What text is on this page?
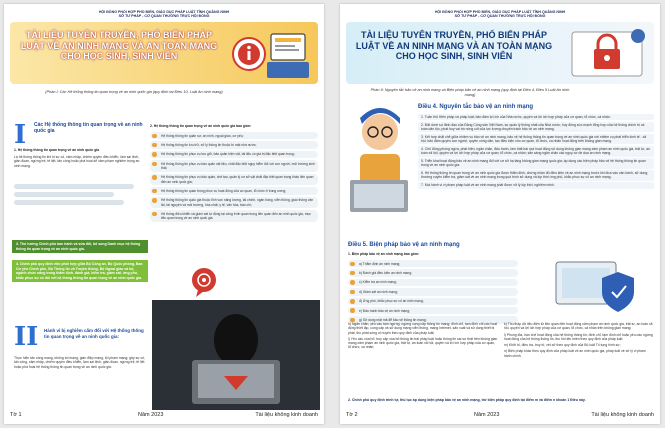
HỘI ĐỒNG PHỐI HỢP PHỔ BIẾN, GIÁO DỤC PHÁP LUẬT TỈNH QUẢNG NINH
SỞ TƯ PHÁP - CƠ QUAN THƯỜNG TRỰC HỘI ĐỒNG
TÀI LIỆU TUYÊN TRUYỀN, PHỔ BIẾN PHÁP LUẬT VỀ AN NINH MẠNG VÀ AN TOÀN MẠNG CHO HỌC SINH, SINH VIÊN
(Phần I: Các Hệ thống thông tin quan trọng về an ninh quốc gia (quy định tại Điều 10, Luật An ninh mạng)
I Các Hệ thống thông tin quan trọng về an ninh quốc gia
1. Hệ thống thông tin quan trọng về an ninh quốc gia
Là hệ thống thông tin khi bị sự cố, xâm nhập, chiếm quyền điều khiển, làm sai lệch, gián đoạn, ngừng trệ, tê liệt, tấn công hoặc phá hoại sẽ xâm phạm nghiêm trọng an ninh mạng.
2. Hệ thống thông tin quan trọng về an ninh quốc gia bao gồm:
Hệ thống thông tin quân sự, an ninh, ngoại giao, cơ yếu;
Hệ thống thông tin lưu trữ, xử lý thông tin thuộc bí mật nhà nước;
Hệ thống thông tin phục vụ lưu giữ, bảo quản hiện vật, tài liệu có giá trị đặc biệt quan trọng;
Hệ thống thông tin phục vụ bảo quản vật liệu, chất đặc biệt nguy hiểm đối với con người, môi trường sinh thái;
Hệ thống thông tin phục vụ bảo quản, chế tạo, quản lý cơ sở vật chất đặc biệt quan trọng khác liên quan đến an ninh quốc gia;
Hệ thống thông tin quan trọng phục vụ hoạt động của cơ quan, tổ chức ở trung ương;
Hệ thống thông tin quốc gia thuộc lĩnh vực năng lượng, tài chính, ngân hàng, viễn thông, giao thông vận tải, tài nguyên và môi trường, hóa chất, y tế, văn hóa, báo chí;
Hệ thống điều khiển và giám sát tự động tại công trình quan trọng liên quan đến an ninh quốc gia, mục tiêu quan trọng về an ninh quốc gia.
3. Thủ tướng Chính phủ ban hành và sửa đổi, bổ sung Danh mục hệ thống thông tin quan trọng về an ninh quốc gia.
4. Chính phủ quy định việc phối hợp giữa Bộ Công an, Bộ Quốc phòng, Ban Cơ yếu Chính phủ, Bộ Thông tin và Truyền thông, Bộ Ngoại giao và bộ, ngành chức năng trong thẩm định, đánh giá, kiểm tra, giám sát, ứng phó, khắc phục sự cố đối với hệ thống thông tin quan trọng về an ninh quốc gia.
II Hành vi bị nghiêm cấm đối với Hệ thống thông tin quan trọng về an ninh quốc gia:
Thực hiện tấn công mạng, khủng bố mạng, gián điệp mạng, tội phạm mạng; gây sự cố, tấn công, xâm nhập, chiếm quyền điều khiển, làm sai lệch, gián đoạn, ngừng trệ, tê liệt hoặc phá hoại hệ thống thông tin quan trọng về an ninh quốc gia.
Tờ 1	Năm 2023	Tài liệu không kinh doanh
HỘI ĐỒNG PHỐI HỢP PHỔ BIẾN, GIÁO DỤC PHÁP LUẬT TỈNH QUẢNG NINH
SỞ TƯ PHÁP - CƠ QUAN THƯỜNG TRỰC HỘI ĐỒNG
TÀI LIỆU TUYÊN TRUYỀN, PHỔ BIẾN PHÁP LUẬT VỀ AN NINH MẠNG VÀ AN TOÀN MẠNG CHO HỌC SINH, SINH VIÊN
Phần II: Nguyên tắc bảo vệ an ninh mạng và Biện pháp bảo vệ an ninh mạng (quy định tại Điều 4, Điều 5 Luật An ninh mạng)
Điều 4. Nguyên tắc bảo vệ an ninh mạng
1. Tuân thủ Hiến pháp và pháp luật; bảo đảm lợi ích của Nhà nước, quyền và lợi ích hợp pháp của cơ quan, tổ chức, cá nhân.
2. Đặt dưới sự lãnh đạo của Đảng Cộng sản Việt Nam, sự quản lý thống nhất của Nhà nước; huy động sức mạnh tổng hợp của hệ thống chính trị và toàn dân tộc; phát huy vai trò nòng cốt của lực lượng chuyên trách bảo vệ an ninh mạng.
3. Kết hợp chặt chẽ giữa nhiệm vụ bảo vệ an ninh mạng, bảo vệ hệ thống thông tin quan trọng về an ninh quốc gia với nhiệm vụ phát triển kinh tế - xã hội, bảo đảm quyền con người, quyền công dân, tạo điều kiện cho cơ quan, tổ chức, cá nhân hoạt động trên không gian mạng.
4. Chủ động phòng ngừa, phát hiện, ngăn chặn, đấu tranh, làm thất bại mọi hoạt động sử dụng không gian mạng xâm phạm an ninh quốc gia, trật tự, an toàn xã hội, quyền và lợi ích hợp pháp của cơ quan, tổ chức, cá nhân; sẵn sàng ngăn chặn các nguy cơ đe dọa an ninh mạng.
5. Triển khai hoạt động bảo vệ an ninh mạng đối với cơ sở hạ tầng không gian mạng quốc gia; áp dụng các biện pháp bảo vệ hệ thống thông tin quan trọng về an ninh quốc gia.
6. Hệ thống thông tin quan trọng về an ninh quốc gia được thẩm định, chứng nhận đủ điều kiện về an ninh mạng trước khi đưa vào vận hành, sử dụng; thường xuyên kiểm tra, giám sát về an ninh mạng trong quá trình sử dụng và kịp thời ứng phó, khắc phục sự cố an ninh mạng.
7. Mọi hành vi vi phạm pháp luật về an ninh mạng phải được xử lý kịp thời, nghiêm minh.
Điều 5. Biện pháp bảo vệ an ninh mạng
1. Biện pháp bảo vệ an ninh mạng bao gồm:
a) Thẩm định an ninh mạng;
b) Đánh giá điều kiện an ninh mạng;
c) Kiểm tra an ninh mạng;
d) Giám sát an ninh mạng;
đ) Ứng phó, khắc phục sự cố an ninh mạng;
e) Đấu tranh bảo vệ an ninh mạng;
g) Sử dụng mật mã để bảo vệ thông tin mạng;
h) Ngăn chặn, yêu cầu tạm ngừng, ngừng cung cấp thông tin mạng; đình chỉ, tạm đình chỉ các hoạt động thiết lập, cung cấp và sử dụng mạng viễn thông, mạng Internet, sản xuất và sử dụng thiết bị phát, thu phát sóng vô tuyến theo quy định của pháp luật;
i) Yêu cầu xóa bỏ, truy cập xóa bỏ thông tin trái pháp luật hoặc thông tin sai sự thật trên không gian mạng xâm phạm an ninh quốc gia, trật tự, an toàn xã hội, quyền và lợi ích hợp pháp của cơ quan, tổ chức, cá nhân;
k) Thu thập dữ liệu điện tử liên quan đến hoạt động xâm phạm an ninh quốc gia, trật tự, an toàn xã hội, quyền và lợi ích hợp pháp của cơ quan, tổ chức, cá nhân trên không gian mạng;
l) Phong tỏa, hạn chế hoạt động của hệ thống thông tin; đình chỉ, tạm đình chỉ hoặc yêu cầu ngừng hoạt động của hệ thống thông tin, thu hồi tên miền theo quy định của pháp luật;
m) Khởi tố, điều tra, truy tố, xét xử theo quy định của Bộ luật Tố tụng hình sự;
n) Biện pháp khác theo quy định của pháp luật về an ninh quốc gia, pháp luật về xử lý vi phạm hành chính.
2. Chính phủ quy định trình tự, thủ tục áp dụng biện pháp bảo vệ an ninh mạng, trừ biện pháp quy định tại điểm m và điểm n khoản 1 Điều này.
Tờ 2	Năm 2023	Tài liệu không kinh doanh
